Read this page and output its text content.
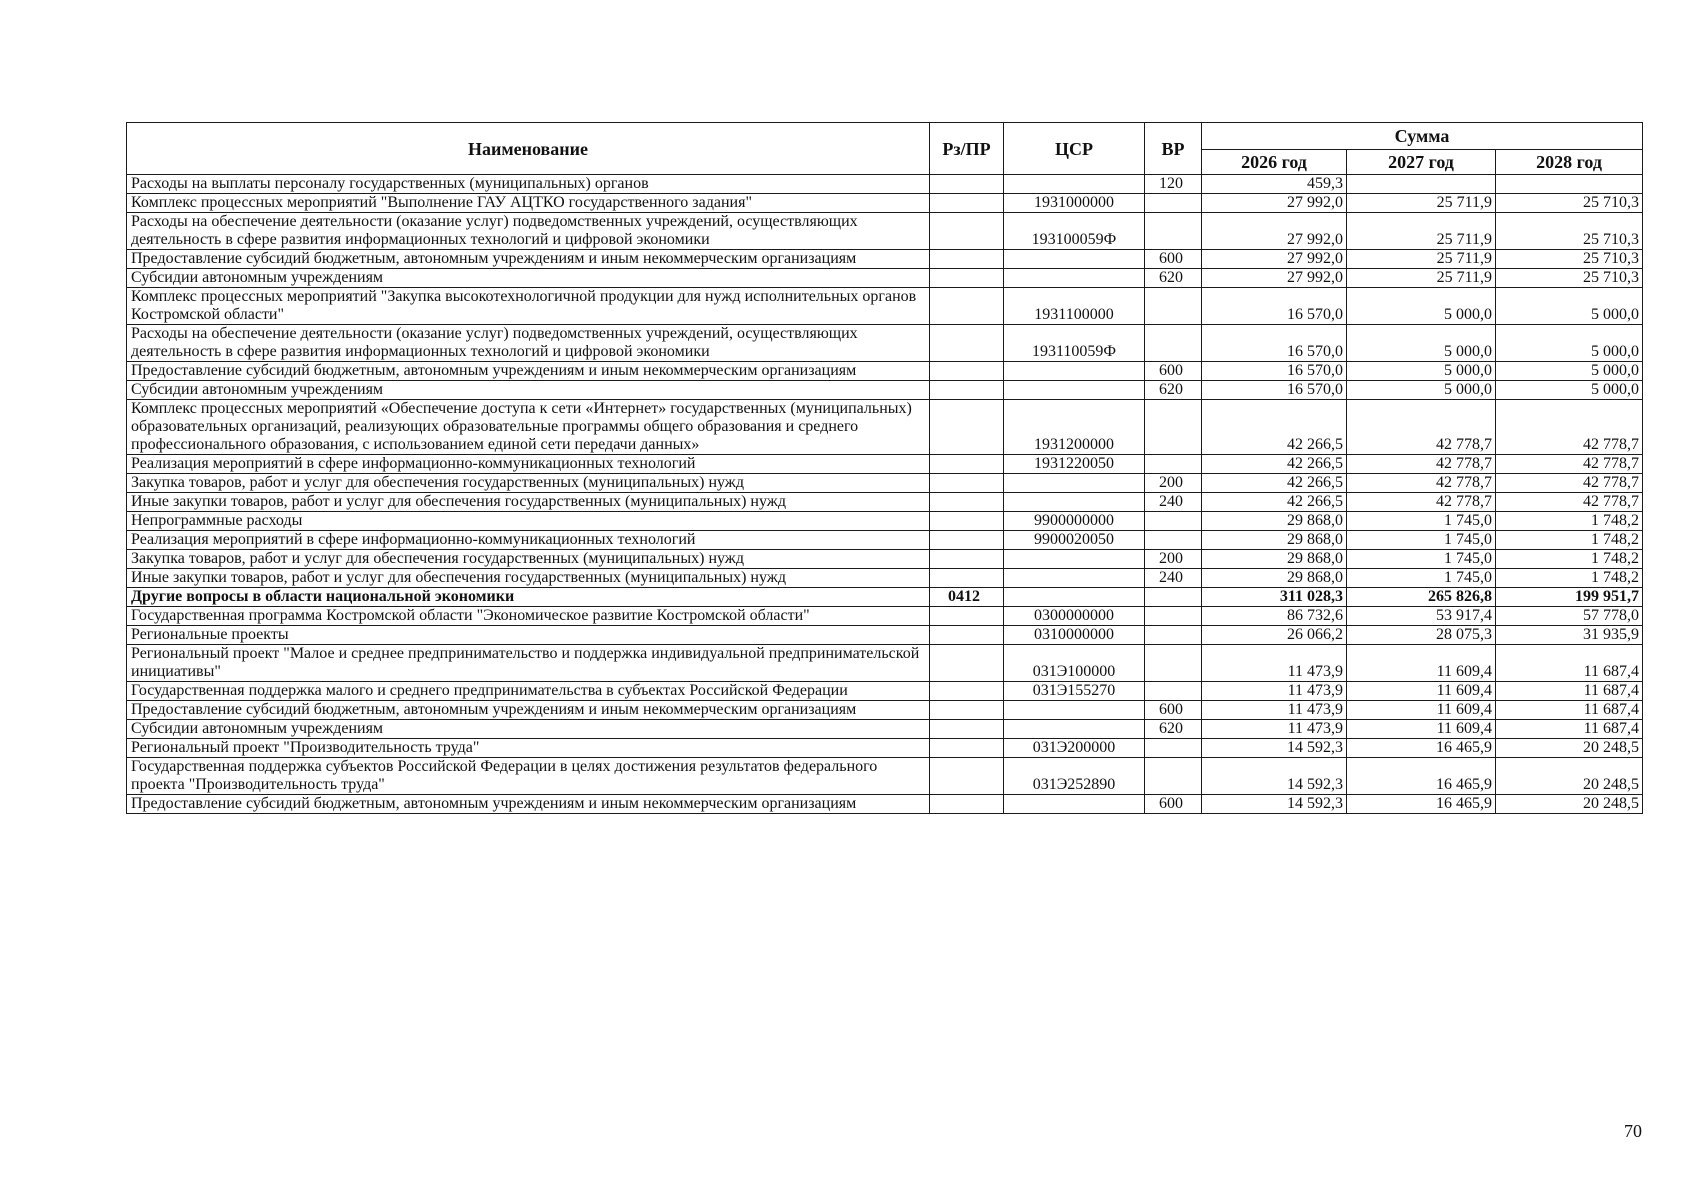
Наименование	Рз/ПР	ЦСР	ВР	Сумма		
				2026 год	2027 год	2028 год
Расходы на выплаты персоналу государственных (муниципальных) органов			120	459,3		
Комплекс процессных мероприятий "Выполнение ГАУ АЦТКО государственного задания"		1931000000		27 992,0	25 711,9	25 710,3
Расходы на обеспечение деятельности (оказание услуг) подведомственных учреждений, осуществляющих деятельность в сфере развития информационных технологий и цифровой экономики		193100059Ф		27 992,0	25 711,9	25 710,3
Предоставление субсидий бюджетным, автономным учреждениям и иным некоммерческим организациям			600	27 992,0	25 711,9	25 710,3
Субсидии автономным учреждениям			620	27 992,0	25 711,9	25 710,3
Комплекс процессных мероприятий "Закупка высокотехнологичной продукции для нужд исполнительных органов Костромской области"		1931100000		16 570,0	5 000,0	5 000,0
Расходы на обеспечение деятельности (оказание услуг) подведомственных учреждений, осуществляющих деятельность в сфере развития информационных технологий и цифровой экономики		193110059Ф		16 570,0	5 000,0	5 000,0
Предоставление субсидий бюджетным, автономным учреждениям и иным некоммерческим организациям			600	16 570,0	5 000,0	5 000,0
Субсидии автономным учреждениям			620	16 570,0	5 000,0	5 000,0
Комплекс процессных мероприятий «Обеспечение доступа к сети «Интернет» государственных (муниципальных) образовательных организаций, реализующих образовательные программы общего образования и среднего профессионального образования, с использованием единой сети передачи данных»		1931200000		42 266,5	42 778,7	42 778,7
Реализация мероприятий в сфере информационно-коммуникационных технологий		1931220050		42 266,5	42 778,7	42 778,7
Закупка товаров, работ и услуг для обеспечения государственных (муниципальных) нужд			200	42 266,5	42 778,7	42 778,7
Иные закупки товаров, работ и услуг для обеспечения государственных (муниципальных) нужд			240	42 266,5	42 778,7	42 778,7
Непрограммные расходы		9900000000		29 868,0	1 745,0	1 748,2
Реализация мероприятий в сфере информационно-коммуникационных технологий		9900020050		29 868,0	1 745,0	1 748,2
Закупка товаров, работ и услуг для обеспечения государственных (муниципальных) нужд			200	29 868,0	1 745,0	1 748,2
Иные закупки товаров, работ и услуг для обеспечения государственных (муниципальных) нужд			240	29 868,0	1 745,0	1 748,2
Другие вопросы в области национальной экономики	0412			311 028,3	265 826,8	199 951,7
Государственная программа Костромской области "Экономическое развитие Костромской области"		0300000000		86 732,6	53 917,4	57 778,0
Региональные проекты		0310000000		26 066,2	28 075,3	31 935,9
Региональный проект "Малое и среднее предпринимательство и поддержка индивидуальной предпринимательской инициативы"		031Э100000		11 473,9	11 609,4	11 687,4
Государственная поддержка малого и среднего предпринимательства в субъектах Российской Федерации		031Э155270		11 473,9	11 609,4	11 687,4
Предоставление субсидий бюджетным, автономным учреждениям и иным некоммерческим организациям			600	11 473,9	11 609,4	11 687,4
Субсидии автономным учреждениям			620	11 473,9	11 609,4	11 687,4
Региональный проект "Производительность труда"		031Э200000		14 592,3	16 465,9	20 248,5
Государственная поддержка субъектов Российской Федерации в целях достижения результатов федерального проекта "Производительность труда"		031Э252890		14 592,3	16 465,9	20 248,5
Предоставление субсидий бюджетным, автономным учреждениям и иным некоммерческим организациям			600	14 592,3	16 465,9	20 248,5
70
